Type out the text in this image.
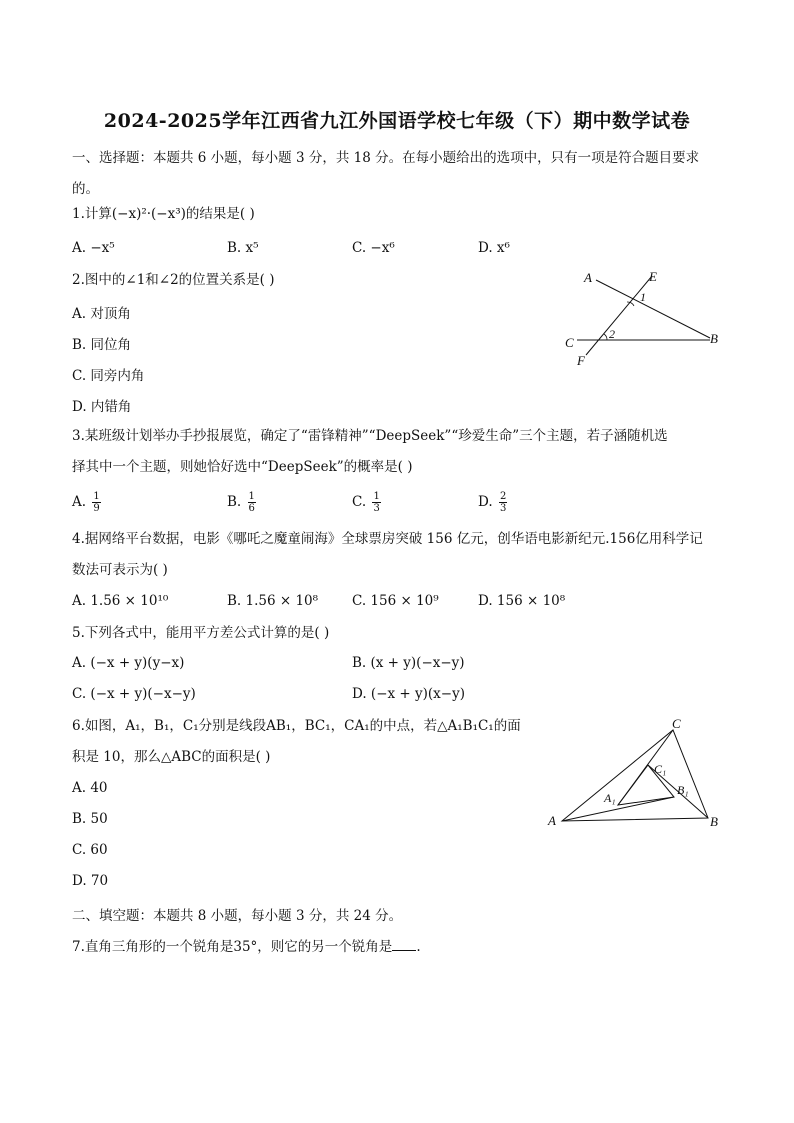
2024-2025学年江西省九江外国语学校七年级（下）期中数学试卷
一、选择题：本题共 6 小题，每小题 3 分，共 18 分。在每小题给出的选项中，只有一项是符合题目要求
的。
1.计算(−x)²·(−x³)的结果是( )
A. −x⁵	B. x⁵	C. −x⁶	D. x⁶
2.图中的∠1和∠2的位置关系是( )
A. 对顶角
B. 同位角
C. 同旁内角
D. 内错角
A	E
1
2
C	B
F
3.某班级计划举办手抄报展览，确定了“雷锋精神”“DeepSeek”“珍爱生命”三个主题，若子涵随机选
择其中一个主题，则她恰好选中“DeepSeek”的概率是( )
A. $\frac{1}{9}$	B. $\frac{1}{6}$	C. $\frac{1}{3}$	D. $\frac{2}{3}$
4.据网络平台数据，电影《哪吒之魔童闹海》全球票房突破 156 亿元，创华语电影新纪元.156亿用科学记
数法可表示为( )
A. 1.56 × 10¹⁰	B. 1.56 × 10⁸	C. 156 × 10⁹	D. 156 × 10⁸
5.下列各式中，能用平方差公式计算的是( )
A. (−x + y)(y−x)	B. (x + y)(−x−y)
C. (−x + y)(−x−y)	D. (−x + y)(x−y)
6.如图，A₁，B₁，C₁分别是线段AB₁，BC₁，CA₁的中点，若△A₁B₁C₁的面
积是 10，那么△ABC的面积是( )
A. 40
B. 50
C. 60
D. 70
C
C₁
A₁
B₁
A	B
二、填空题：本题共 8 小题，每小题 3 分，共 24 分。
7.直角三角形的一个锐角是35°，则它的另一个锐角是 .
